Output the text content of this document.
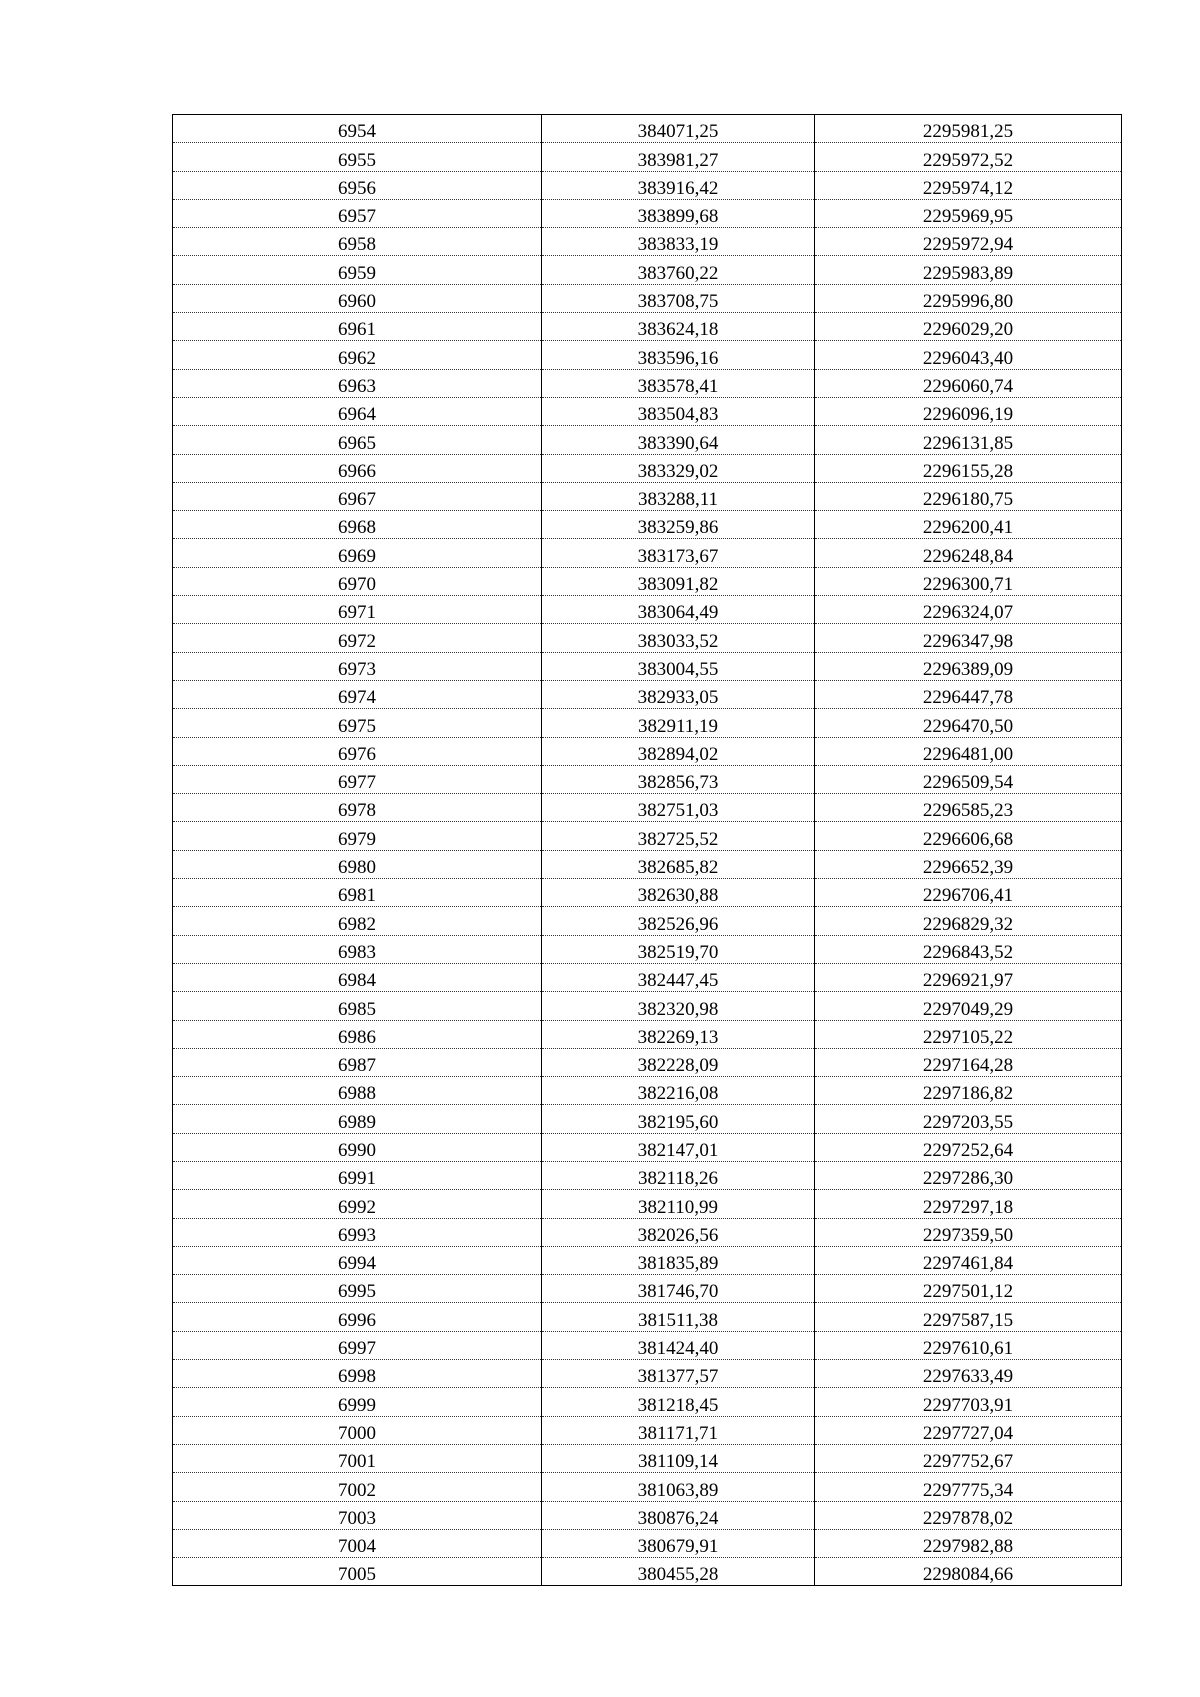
6954	384071,25	2295981,25
6955	383981,27	2295972,52
6956	383916,42	2295974,12
6957	383899,68	2295969,95
6958	383833,19	2295972,94
6959	383760,22	2295983,89
6960	383708,75	2295996,80
6961	383624,18	2296029,20
6962	383596,16	2296043,40
6963	383578,41	2296060,74
6964	383504,83	2296096,19
6965	383390,64	2296131,85
6966	383329,02	2296155,28
6967	383288,11	2296180,75
6968	383259,86	2296200,41
6969	383173,67	2296248,84
6970	383091,82	2296300,71
6971	383064,49	2296324,07
6972	383033,52	2296347,98
6973	383004,55	2296389,09
6974	382933,05	2296447,78
6975	382911,19	2296470,50
6976	382894,02	2296481,00
6977	382856,73	2296509,54
6978	382751,03	2296585,23
6979	382725,52	2296606,68
6980	382685,82	2296652,39
6981	382630,88	2296706,41
6982	382526,96	2296829,32
6983	382519,70	2296843,52
6984	382447,45	2296921,97
6985	382320,98	2297049,29
6986	382269,13	2297105,22
6987	382228,09	2297164,28
6988	382216,08	2297186,82
6989	382195,60	2297203,55
6990	382147,01	2297252,64
6991	382118,26	2297286,30
6992	382110,99	2297297,18
6993	382026,56	2297359,50
6994	381835,89	2297461,84
6995	381746,70	2297501,12
6996	381511,38	2297587,15
6997	381424,40	2297610,61
6998	381377,57	2297633,49
6999	381218,45	2297703,91
7000	381171,71	2297727,04
7001	381109,14	2297752,67
7002	381063,89	2297775,34
7003	380876,24	2297878,02
7004	380679,91	2297982,88
7005	380455,28	2298084,66
